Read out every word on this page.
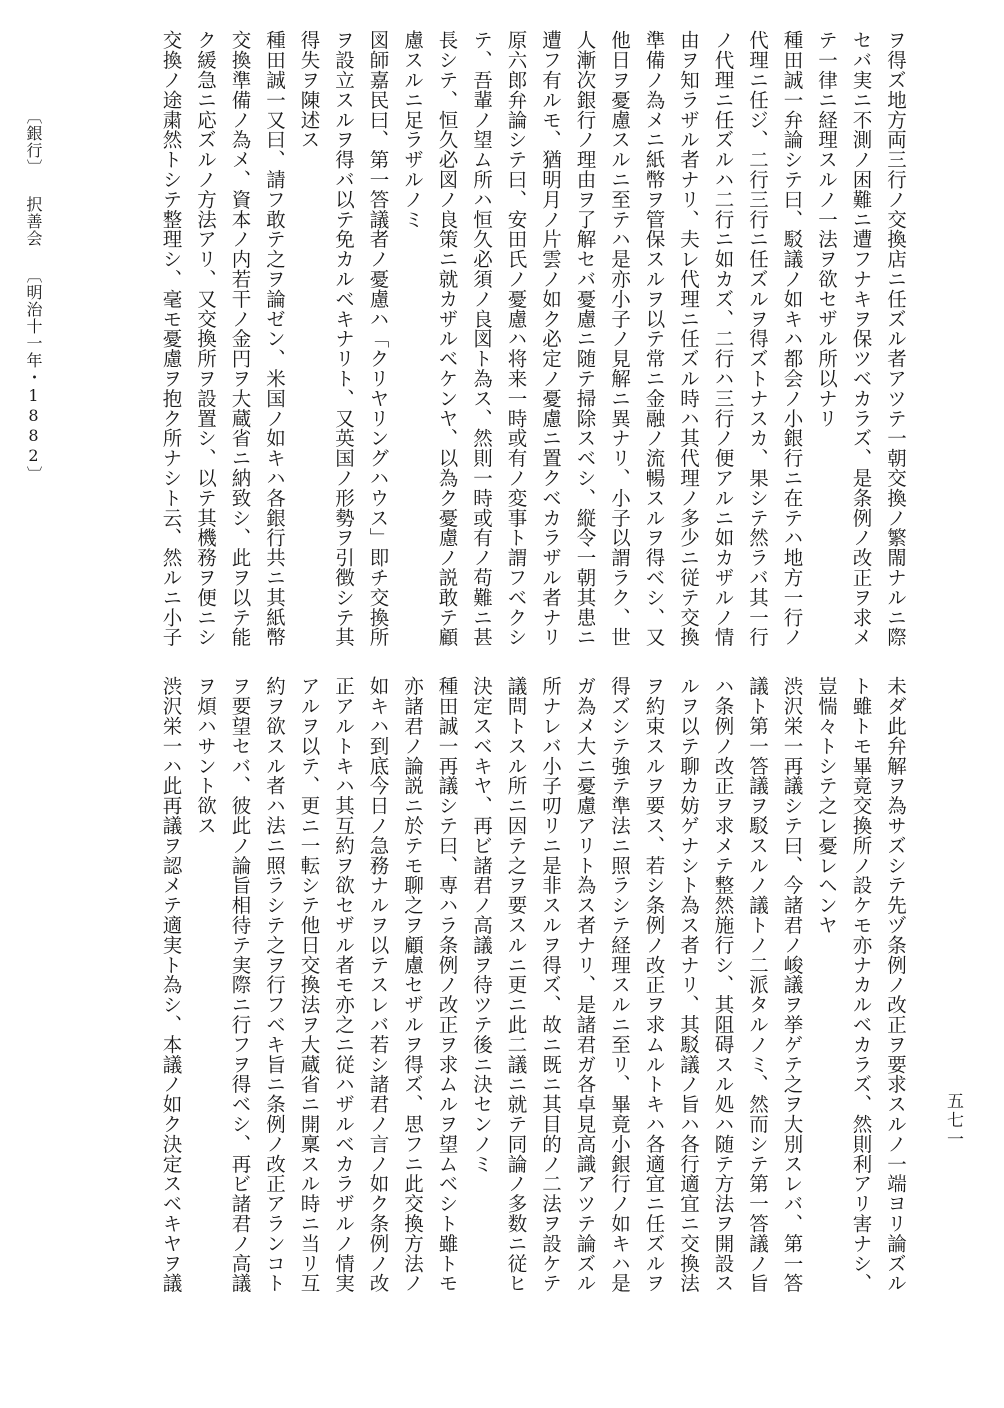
ヲ得ズ地方両三行ノ交換店ニ任ズル者アツテ一朝交換ノ繁閙ナルニ際
セバ実ニ不測ノ困難ニ遭フナキヲ保ツベカラズ、是条例ノ改正ヲ求メ
テ一律ニ経理スルノ一法ヲ欲セザル所以ナリ
種田誠一弁論シテ曰、駁議ノ如キハ都会ノ小銀行ニ在テハ地方一行ノ
代理ニ任ジ、二行三行ニ任ズルヲ得ズトナスカ、果シテ然ラバ其一行
ノ代理ニ任ズルハ二行ニ如カズ、二行ハ三行ノ便アルニ如カザルノ情
由ヲ知ラザル者ナリ、夫レ代理ニ任ズル時ハ其代理ノ多少ニ従テ交換
準備ノ為メニ紙幣ヲ管保スルヲ以テ常ニ金融ノ流暢スルヲ得ベシ、又
他日ヲ憂慮スルニ至テハ是亦小子ノ見解ニ異ナリ、小子以謂ラク、世
人漸次銀行ノ理由ヲ了解セバ憂慮ニ随テ掃除スベシ、縦令一朝其患ニ
遭フ有ルモ、猶明月ノ片雲ノ如ク必定ノ憂慮ニ置クベカラザル者ナリ
原六郎弁論シテ曰、安田氏ノ憂慮ハ将来一時或有ノ変事ト謂フベクシ
テ、吾輩ノ望ム所ハ恒久必須ノ良図ト為ス、然則一時或有ノ苟難ニ甚
長シテ、恒久必図ノ良策ニ就カザルベケンヤ、以為ク憂慮ノ説敢テ顧
慮スルニ足ラザルノミ
図師嘉民曰、第一答議者ノ憂慮ハ「クリヤリングハウス」即チ交換所
ヲ設立スルヲ得バ以テ免カルベキナリト、又英国ノ形勢ヲ引徴シテ其
得失ヲ陳述ス
種田誠一又曰、請フ敢テ之ヲ論ゼン、米国ノ如キハ各銀行共ニ其紙幣
交換準備ノ為メ、資本ノ内若干ノ金円ヲ大蔵省ニ納致シ、此ヲ以テ能
ク緩急ニ応ズルノ方法アリ、又交換所ヲ設置シ、以テ其機務ヲ便ニシ
交換ノ途粛然トシテ整理シ、毫モ憂慮ヲ抱ク所ナシト云、然ルニ小子
未ダ此弁解ヲ為サズシテ先ヅ条例ノ改正ヲ要求スルノ一端ヨリ論ズル
ト雖トモ畢竟交換所ノ設ケモ亦ナカルベカラズ、然則利アリ害ナシ、
豈惴々トシテ之レ憂レヘンヤ
渋沢栄一再議シテ曰、今諸君ノ峻議ヲ挙ゲテ之ヲ大別スレバ、第一答
議ト第一答議ヲ駁スルノ議トノ二派タルノミ、然而シテ第一答議ノ旨
ハ条例ノ改正ヲ求メテ整然施行シ、其阻碍スル処ハ随テ方法ヲ開設ス
ルヲ以テ聊カ妨ゲナシト為ス者ナリ、其駁議ノ旨ハ各行適宜ニ交換法
ヲ約束スルヲ要ス、若シ条例ノ改正ヲ求ムルトキハ各適宜ニ任ズルヲ
得ズシテ強テ準法ニ照ラシテ経理スルニ至リ、畢竟小銀行ノ如キハ是
ガ為メ大ニ憂慮アリト為ス者ナリ、是諸君ガ各卓見高識アツテ論ズル
所ナレバ小子叨リニ是非スルヲ得ズ、故ニ既ニ其目的ノ二法ヲ設ケテ
議問トスル所ニ因テ之ヲ要スルニ更ニ此二議ニ就テ同論ノ多数ニ従ヒ
決定スベキヤ、再ビ諸君ノ高議ヲ待ツテ後ニ決センノミ
種田誠一再議シテ曰、専ハラ条例ノ改正ヲ求ムルヲ望ムベシト雖トモ
亦諸君ノ論説ニ於テモ聊之ヲ顧慮セザルヲ得ズ、思フニ此交換方法ノ
如キハ到底今日ノ急務ナルヲ以テスレバ若シ諸君ノ言ノ如ク条例ノ改
正アルトキハ其互約ヲ欲セザル者モ亦之ニ従ハザルベカラザルノ情実
アルヲ以テ、更ニ一転シテ他日交換法ヲ大蔵省ニ開稟スル時ニ当リ互
約ヲ欲スル者ハ法ニ照ラシテ之ヲ行フベキ旨ニ条例ノ改正アランコト
ヲ要望セバ、彼此ノ論旨相待テ実際ニ行フヲ得ベシ、再ビ諸君ノ高議
ヲ煩ハサント欲ス
渋沢栄一ハ此再議ヲ認メテ適実ト為シ、本議ノ如ク決定スベキヤヲ議	五七一
〔銀行〕 択善会 〔明治十一年・1882〕
